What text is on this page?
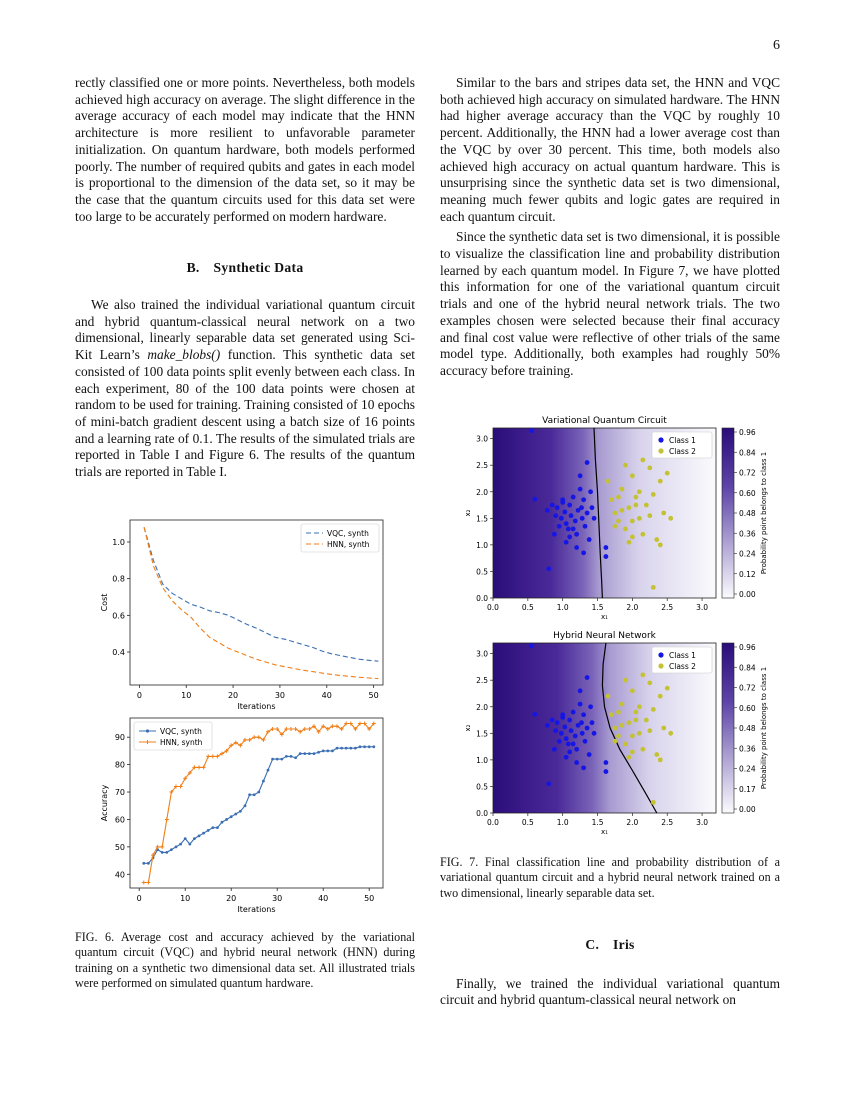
6

rectly classified one or more points. Nevertheless, both models achieved high accuracy on average. The slight difference in the average accuracy of each model may indicate that the HNN architecture is more resilient to unfavorable parameter initialization. On quantum hardware, both models performed poorly. The number of required qubits and gates in each model is proportional to the dimension of the data set, so it may be the case that the quantum circuits used for this data set were too large to be accurately performed on modern hardware.

B. Synthetic Data

We also trained the individual variational quantum circuit and hybrid quantum-classical neural network on a two dimensional, linearly separable data set generated using Sci-Kit Learn’s make_blobs() function. This synthetic data set consisted of 100 data points split evenly between each class. In each experiment, 80 of the 100 data points were chosen at random to be used for training. Training consisted of 10 epochs of mini-batch gradient descent using a batch size of 16 points and a learning rate of 0.1. The results of the simulated trials are reported in Table I and Figure 6. The results of the quantum trials are reported in Table I.

0	10	20	30	40	50
0.4
0.6
0.8
1.0
Iterations
Cost
VQC, synth
HNN, synth
0	10	20	30	40	50
40
50
60
70
80
90
Iterations
Accuracy
VQC, synth
HNN, synth
FIG. 6. Average cost and accuracy achieved by the variational quantum circuit (VQC) and hybrid neural network (HNN) during training on a synthetic two dimensional data set. All illustrated trials were performed on simulated quantum hardware.

Similar to the bars and stripes data set, the HNN and VQC both achieved high accuracy on simulated hardware. The HNN had higher average accuracy than the VQC by roughly 10 percent. Additionally, the HNN had a lower average cost than the VQC by over 30 percent. This time, both models also achieved high accuracy on actual quantum hardware. This is unsurprising since the synthetic data set is two dimensional, meaning much fewer qubits and logic gates are required in each quantum circuit.

Since the synthetic data set is two dimensional, it is possible to visualize the classification line and probability distribution learned by each quantum model. In Figure 7, we have plotted this information for one of the variational quantum circuit trials and one of the hybrid neural network trials. The two examples chosen were selected because their final accuracy and final cost value were reflective of other trials of the same model type. Additionally, both examples had roughly 50% accuracy before training.

Variational Quantum Circuit
0.0	0.5	1.0	1.5	2.0	2.5	3.0
0.0
0.5
1.0
1.5
2.0
2.5
3.0
x₁
x₂
Class 1
Class 2
0.96
0.84
0.72
0.60
0.48
0.36
0.24
0.12
0.00
Probability point belongs to class 1
Hybrid Neural Network
0.0	0.5	1.0	1.5	2.0	2.5	3.0
0.0
0.5
1.0
1.5
2.0
2.5
3.0
x₁
x₂
Class 1
Class 2
0.96
0.84
0.72
0.60
0.48
0.36
0.24
0.17
0.00
Probability point belongs to class 1
FIG. 7. Final classification line and probability distribution of a variational quantum circuit and a hybrid neural network trained on a two dimensional, linearly separable data set.
C. Iris

Finally, we trained the individual variational quantum circuit and hybrid quantum-classical neural network on
